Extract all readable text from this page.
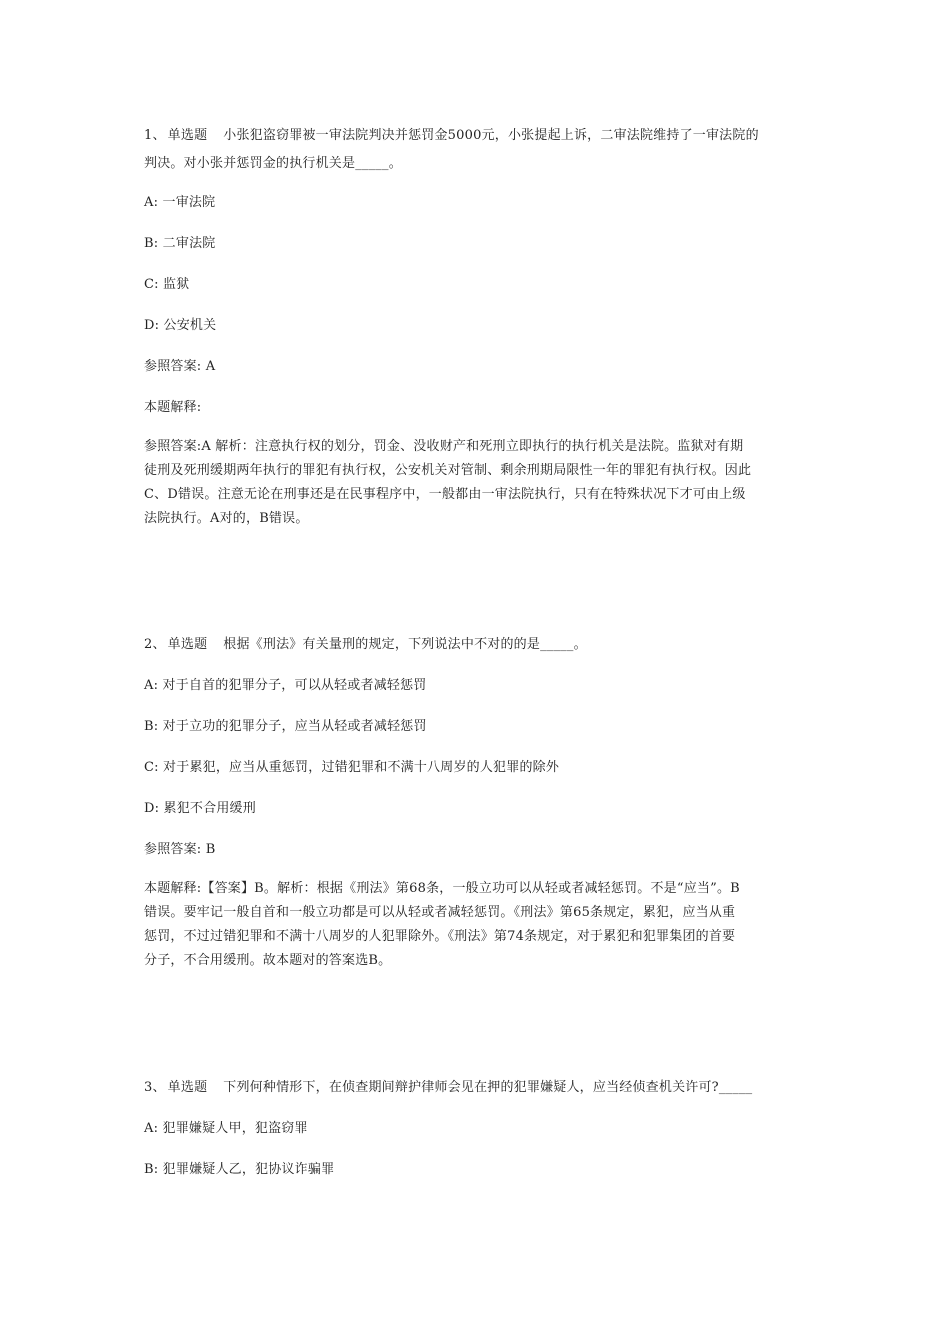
1、 单选题 小张犯盗窃罪被一审法院判决并惩罚金5000元，小张提起上诉，二审法院维持了一审法院的
判决。对小张并惩罚金的执行机关是_____。
A: 一审法院
B: 二审法院
C: 监狱
D: 公安机关
参照答案: A
本题解释:
参照答案:A 解析：注意执行权的划分，罚金、没收财产和死刑立即执行的执行机关是法院。监狱对有期
徒刑及死刑缓期两年执行的罪犯有执行权，公安机关对管制、剩余刑期局限性一年的罪犯有执行权。因此
C、D错误。注意无论在刑事还是在民事程序中，一般都由一审法院执行，只有在特殊状况下才可由上级
法院执行。A对的，B错误。
2、 单选题 根据《刑法》有关量刑的规定，下列说法中不对的的是_____。
A: 对于自首的犯罪分子，可以从轻或者减轻惩罚
B: 对于立功的犯罪分子，应当从轻或者减轻惩罚
C: 对于累犯，应当从重惩罚，过错犯罪和不满十八周岁的人犯罪的除外
D: 累犯不合用缓刑
参照答案: B
本题解释:【答案】B。解析：根据《刑法》第68条，一般立功可以从轻或者减轻惩罚。不是“应当”。B
错误。要牢记一般自首和一般立功都是可以从轻或者减轻惩罚。《刑法》第65条规定，累犯，应当从重
惩罚，不过过错犯罪和不满十八周岁的人犯罪除外。《刑法》第74条规定，对于累犯和犯罪集团的首要
分子，不合用缓刑。故本题对的答案选B。
3、 单选题 下列何种情形下，在侦查期间辩护律师会见在押的犯罪嫌疑人，应当经侦查机关许可?_____
A: 犯罪嫌疑人甲，犯盗窃罪
B: 犯罪嫌疑人乙，犯协议诈骗罪
